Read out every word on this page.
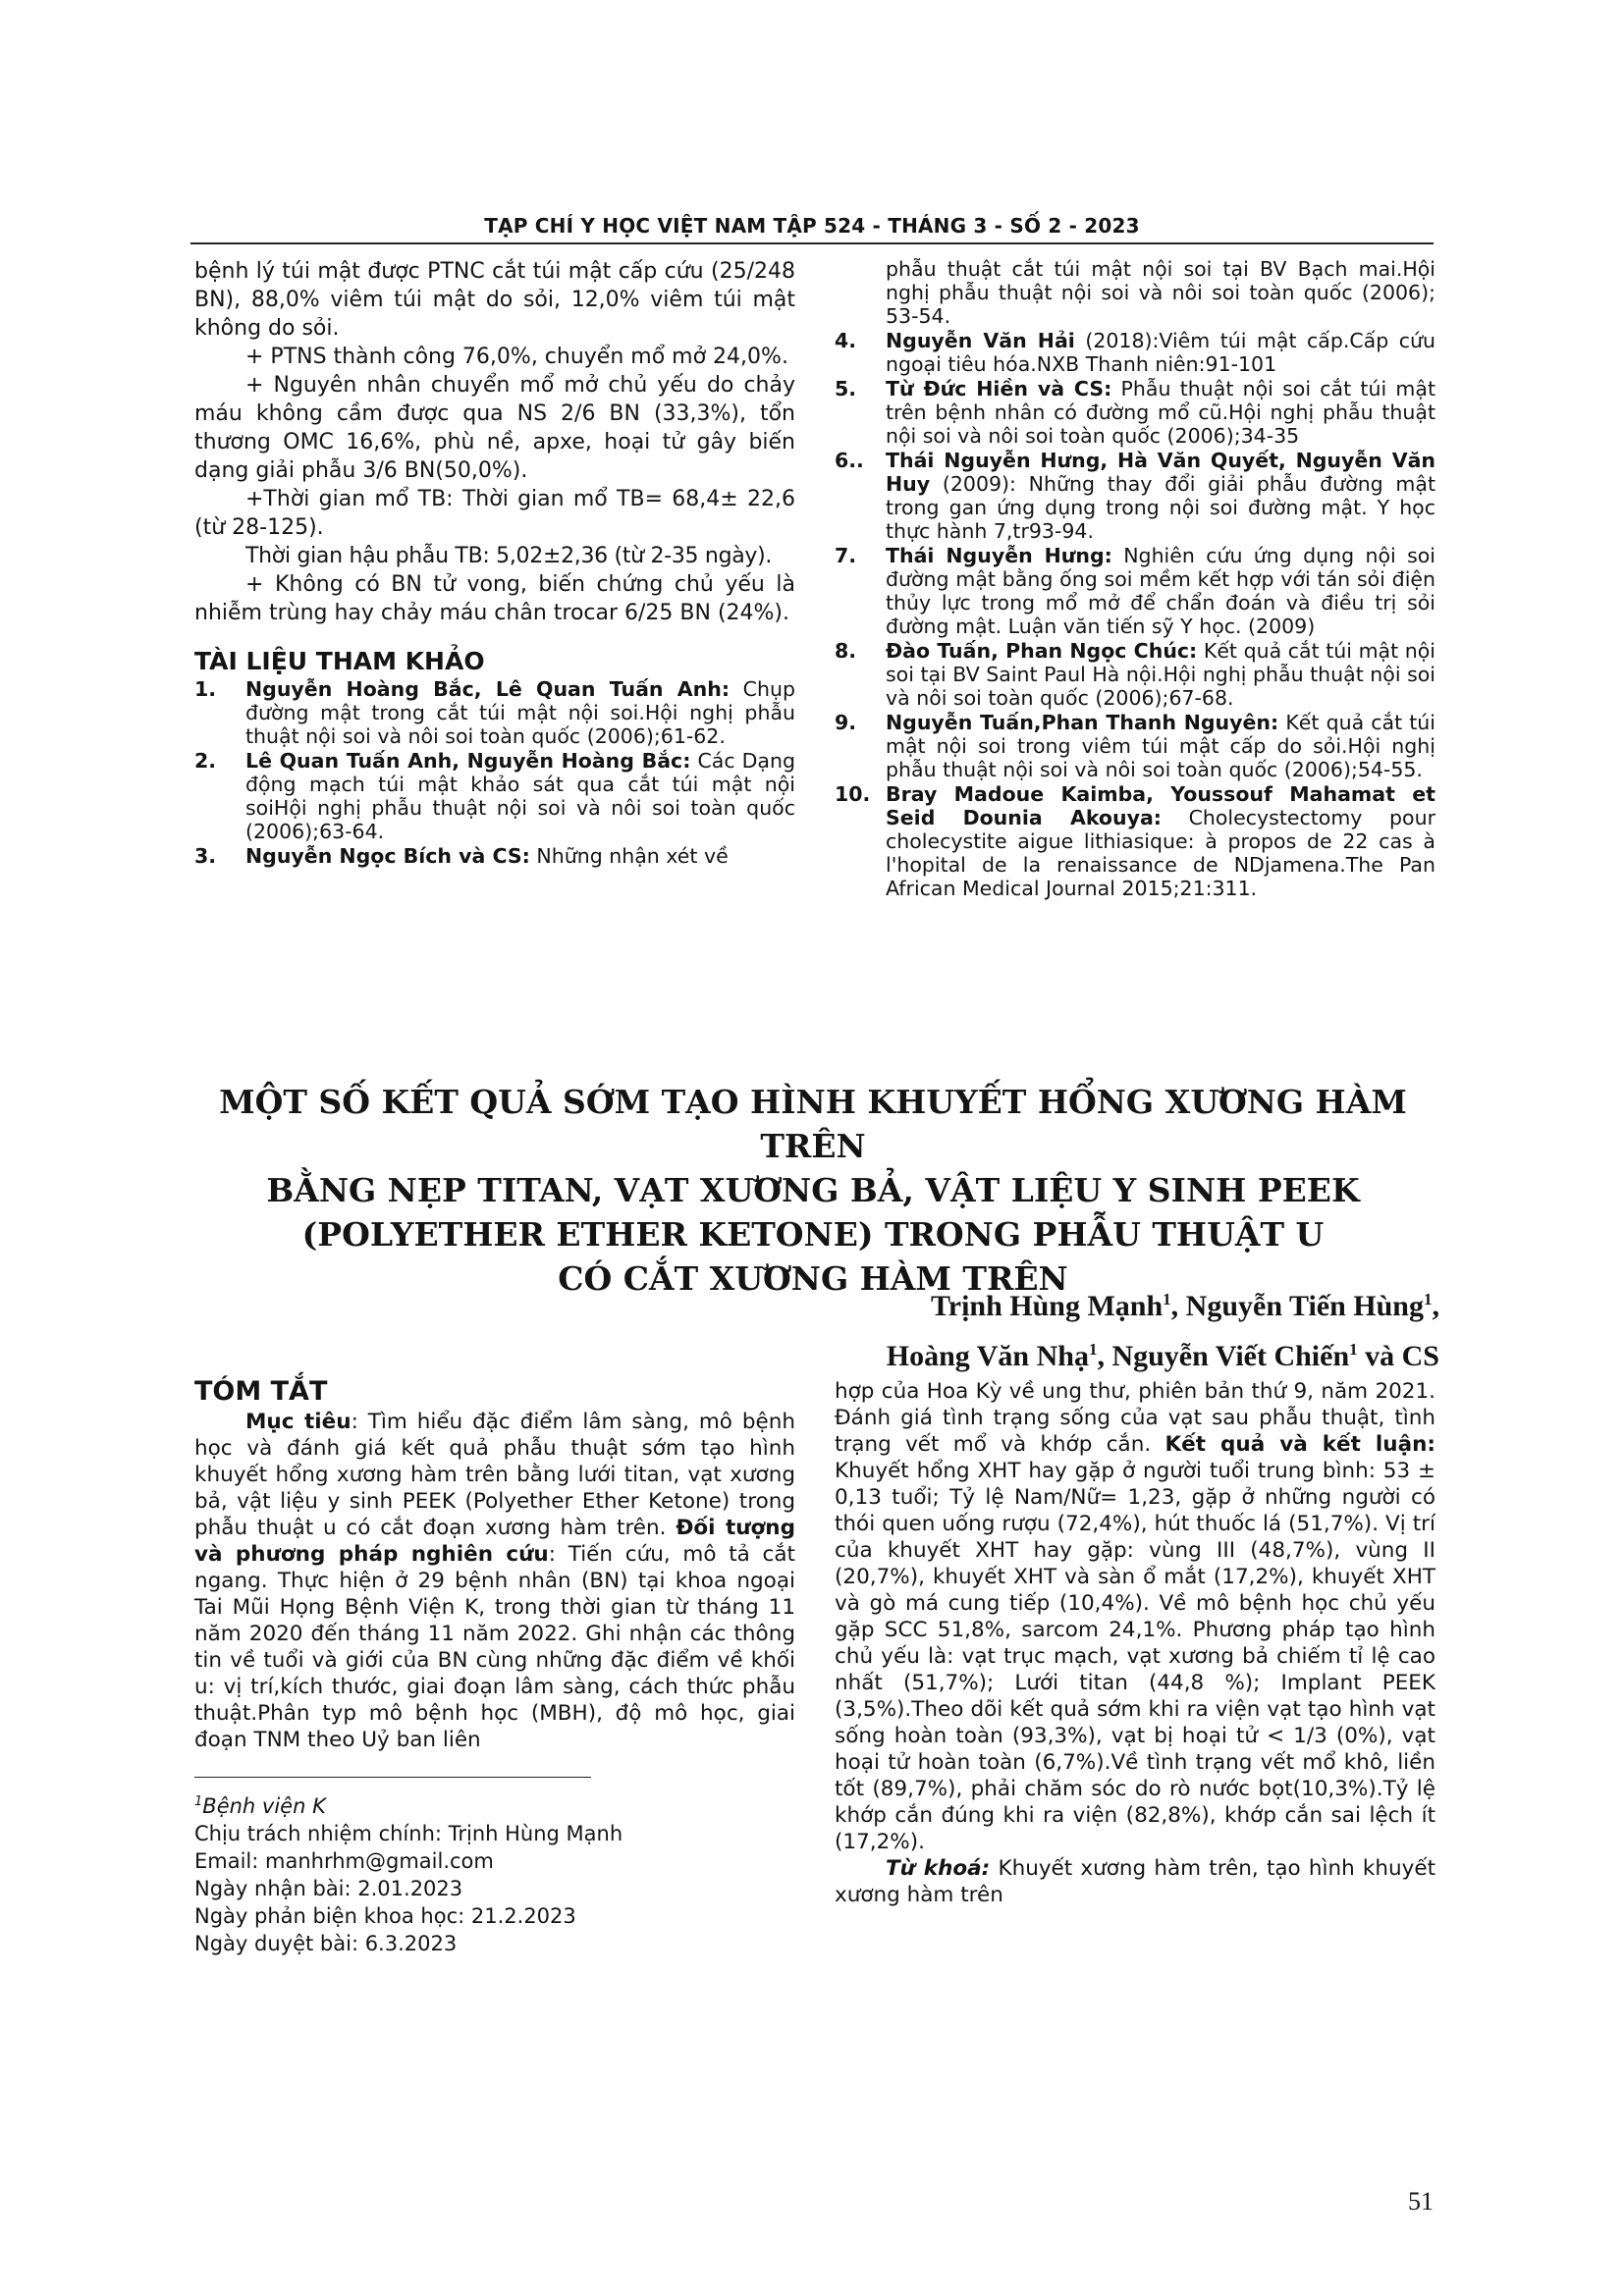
TẠP CHÍ Y HỌC VIỆT NAM TẬP 524 - THÁNG 3 - SỐ 2 - 2023

bệnh lý túi mật được PTNC cắt túi mật cấp cứu (25/248 BN), 88,0% viêm túi mật do sỏi, 12,0% viêm túi mật không do sỏi.

+ PTNS thành công 76,0%, chuyển mổ mở 24,0%.

+ Nguyên nhân chuyển mổ mở chủ yếu do chảy máu không cầm được qua NS 2/6 BN (33,3%), tổn thương OMC 16,6%, phù nề, apxe, hoại tử gây biến dạng giải phẫu 3/6 BN(50,0%).

+Thời gian mổ TB: Thời gian mổ TB= 68,4± 22,6 (từ 28-125).

Thời gian hậu phẫu TB: 5,02±2,36 (từ 2-35 ngày).

+ Không có BN tử vong, biến chứng chủ yếu là nhiễm trùng hay chảy máu chân trocar 6/25 BN (24%).

TÀI LIỆU THAM KHẢO
1. Nguyễn Hoàng Bắc, Lê Quan Tuấn Anh: Chụp đường mật trong cắt túi mật nội soi.Hội nghị phẫu thuật nội soi và nôi soi toàn quốc (2006);61-62.
2. Lê Quan Tuấn Anh, Nguyễn Hoàng Bắc: Các Dạng động mạch túi mật khảo sát qua cắt túi mật nội soiHội nghị phẫu thuật nội soi và nôi soi toàn quốc (2006);63-64.
3. Nguyễn Ngọc Bích và CS: Những nhận xét về
phẫu thuật cắt túi mật nội soi tại BV Bạch mai.Hội nghị phẫu thuật nội soi và nôi soi toàn quốc (2006); 53-54.
4. Nguyễn Văn Hải (2018):Viêm túi mật cấp.Cấp cứu ngoại tiêu hóa.NXB Thanh niên:91-101
5. Từ Đức Hiền và CS: Phẫu thuật nội soi cắt túi mật trên bệnh nhân có đường mổ cũ.Hội nghị phẫu thuật nội soi và nôi soi toàn quốc (2006);34-35
6.. Thái Nguyễn Hưng, Hà Văn Quyết, Nguyễn Văn Huy (2009): Những thay đổi giải phẫu đường mật trong gan ứng dụng trong nội soi đường mật. Y học thực hành 7,tr93-94.
7. Thái Nguyễn Hưng: Nghiên cứu ứng dụng nội soi đường mật bằng ống soi mềm kết hợp với tán sỏi điện thủy lực trong mổ mở để chẩn đoán và điều trị sỏi đường mật. Luận văn tiến sỹ Y học. (2009)
8. Đào Tuấn, Phan Ngọc Chúc: Kết quả cắt túi mật nội soi tại BV Saint Paul Hà nội.Hội nghị phẫu thuật nội soi và nôi soi toàn quốc (2006);67-68.
9. Nguyễn Tuấn,Phan Thanh Nguyên: Kết quả cắt túi mật nội soi trong viêm túi mật cấp do sỏi.Hội nghị phẫu thuật nội soi và nôi soi toàn quốc (2006);54-55.
10. Bray Madoue Kaimba, Youssouf Mahamat et Seid Dounia Akouya: Cholecystectomy pour cholecystite aigue lithiasique: à propos de 22 cas à l'hopital de la renaissance de NDjamena.The Pan African Medical Journal 2015;21:311.
MỘT SỐ KẾT QUẢ SỚM TẠO HÌNH KHUYẾT HỔNG XƯƠNG HÀM TRÊN
BẰNG NẸP TITAN, VẠT XƯƠNG BẢ, VẬT LIỆU Y SINH PEEK
(POLYETHER ETHER KETONE) TRONG PHẪU THUẬT U
CÓ CẮT XƯƠNG HÀM TRÊN
Trịnh Hùng Mạnh$^1$, Nguyễn Tiến Hùng$^1$,
Hoàng Văn Nhạ$^1$, Nguyễn Viết Chiến$^1$ và CS
TÓM TẮT

Mục tiêu: Tìm hiểu đặc điểm lâm sàng, mô bệnh học và đánh giá kết quả phẫu thuật sớm tạo hình khuyết hổng xương hàm trên bằng lưới titan, vạt xương bả, vật liệu y sinh PEEK (Polyether Ether Ketone) trong phẫu thuật u có cắt đoạn xương hàm trên. Đối tượng và phương pháp nghiên cứu: Tiến cứu, mô tả cắt ngang. Thực hiện ở 29 bệnh nhân (BN) tại khoa ngoại Tai Mũi Họng Bệnh Viện K, trong thời gian từ tháng 11 năm 2020 đến tháng 11 năm 2022. Ghi nhận các thông tin về tuổi và giới của BN cùng những đặc điểm về khối u: vị trí,kích thước, giai đoạn lâm sàng, cách thức phẫu thuật.Phân typ mô bệnh học (MBH), độ mô học, giai đoạn TNM theo Uỷ ban liên

hợp của Hoa Kỳ về ung thư, phiên bản thứ 9, năm 2021. Đánh giá tình trạng sống của vạt sau phẫu thuật, tình trạng vết mổ và khớp cắn. Kết quả và kết luận: Khuyết hổng XHT hay gặp ở người tuổi trung bình: 53 ± 0,13 tuổi; Tỷ lệ Nam/Nữ= 1,23, gặp ở những người có thói quen uống rượu (72,4%), hút thuốc lá (51,7%). Vị trí của khuyết XHT hay gặp: vùng III (48,7%), vùng II (20,7%), khuyết XHT và sàn ổ mắt (17,2%), khuyết XHT và gò má cung tiếp (10,4%). Về mô bệnh học chủ yếu gặp SCC 51,8%, sarcom 24,1%. Phương pháp tạo hình chủ yếu là: vạt trục mạch, vạt xương bả chiếm tỉ lệ cao nhất (51,7%); Lưới titan (44,8 %); Implant PEEK (3,5%).Theo dõi kết quả sớm khi ra viện vạt tạo hình vạt sống hoàn toàn (93,3%), vạt bị hoại tử < 1/3 (0%), vạt hoại tử hoàn toàn (6,7%).Về tình trạng vết mổ khô, liền tốt (89,7%), phải chăm sóc do rò nước bọt(10,3%).Tỷ lệ khớp cắn đúng khi ra viện (82,8%), khớp cắn sai lệch ít (17,2%).

Từ khoá: Khuyết xương hàm trên, tạo hình khuyết xương hàm trên

$^1$Bệnh viện K

Chịu trách nhiệm chính: Trịnh Hùng Mạnh

Email: manhrhm@gmail.com

Ngày nhận bài: 2.01.2023

Ngày phản biện khoa học: 21.2.2023

Ngày duyệt bài: 6.3.2023

51
